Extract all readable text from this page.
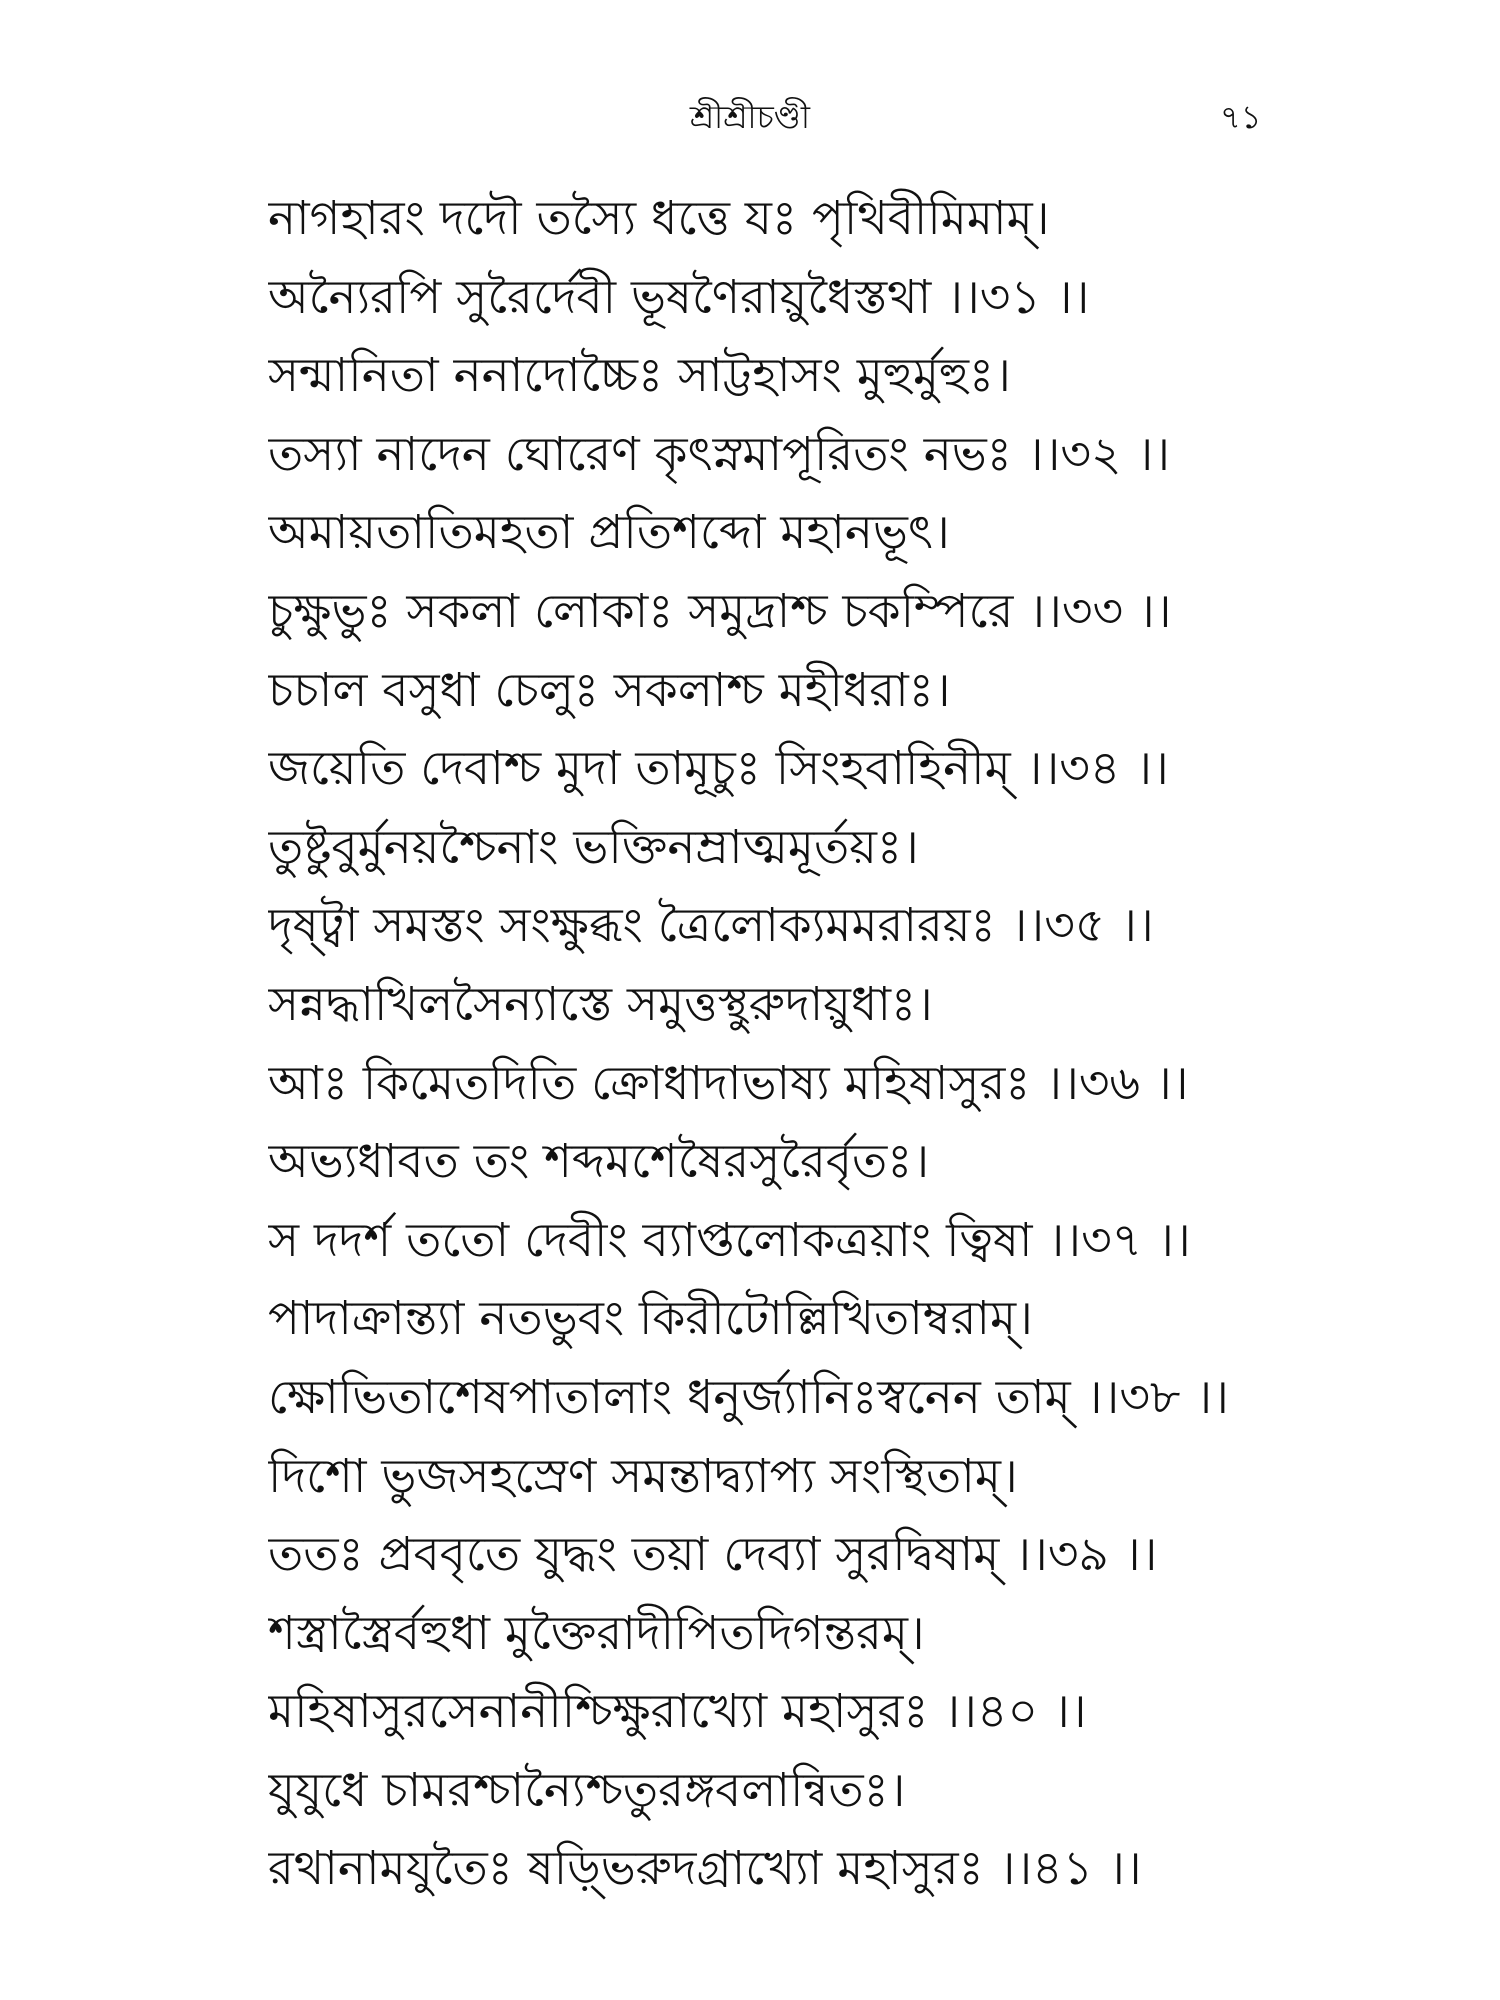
শ্রীশ্রীচণ্ডী	৭১
নাগহারং দদৌ তস্যৈ ধত্তে যঃ পৃথিবীমিমাম্।
অন্যৈরপি সুরৈর্দেবী ভূষণৈরায়ুধৈস্তথা ।।৩১ ।।
সন্মানিতা ননাদোচ্চৈঃ সাট্টহাসং মুহুর্মুহুঃ।
তস্যা নাদেন ঘোরেণ কৃৎস্নমাপূরিতং নভঃ ।।৩২ ।।
অমায়তাতিমহতা প্রতিশব্দো মহানভূৎ।
চুক্ষুভুঃ সকলা লোকাঃ সমুদ্রাশ্চ চকম্পিরে ।।৩৩ ।।
চচাল বসুধা চেলুঃ সকলাশ্চ মহীধরাঃ।
জয়েতি দেবাশ্চ মুদা তামূচুঃ সিংহবাহিনীম্ ।।৩৪ ।।
তুষ্টুবুর্মুনয়শ্চৈনাং ভক্তিনম্রাত্মমূর্তয়ঃ।
দৃষ্ট্বা সমস্তং সংক্ষুব্ধং ত্রৈলোক্যমমরারয়ঃ ।।৩৫ ।।
সন্নদ্ধাখিলসৈন্যাস্তে সমুত্তস্থুরুদায়ুধাঃ।
আঃ কিমেতদিতি ক্রোধাদাভাষ্য মহিষাসুরঃ ।।৩৬ ।।
অভ্যধাবত তং শব্দমশেষৈরসুরৈর্বৃতঃ।
স দদর্শ ততো দেবীং ব্যাপ্তলোকত্রয়াং ত্বিষা ।।৩৭ ।।
পাদাক্রান্ত্যা নতভুবং কিরীটোল্লিখিতাম্বরাম্।
ক্ষোভিতাশেষপাতালাং ধনুর্জ্যানিঃস্বনেন তাম্ ।।৩৮ ।।
দিশো ভুজসহস্রেণ সমন্তাদ্ব্যাপ্য সংস্থিতাম্।
ততঃ প্রববৃতে যুদ্ধং তয়া দেব্যা সুরদ্বিষাম্ ।।৩৯ ।।
শস্ত্রাস্ত্রৈর্বহুধা মুক্তৈরাদীপিতদিগন্তরম্।
মহিষাসুরসেনানীশ্চিক্ষুরাখ্যো মহাসুরঃ ।।৪০ ।।
যুযুধে চামরশ্চান্যৈশ্চতুরঙ্গবলান্বিতঃ।
রথানামযুতৈঃ ষড়্ভিরুদগ্রাখ্যো মহাসুরঃ ।।৪১ ।।
